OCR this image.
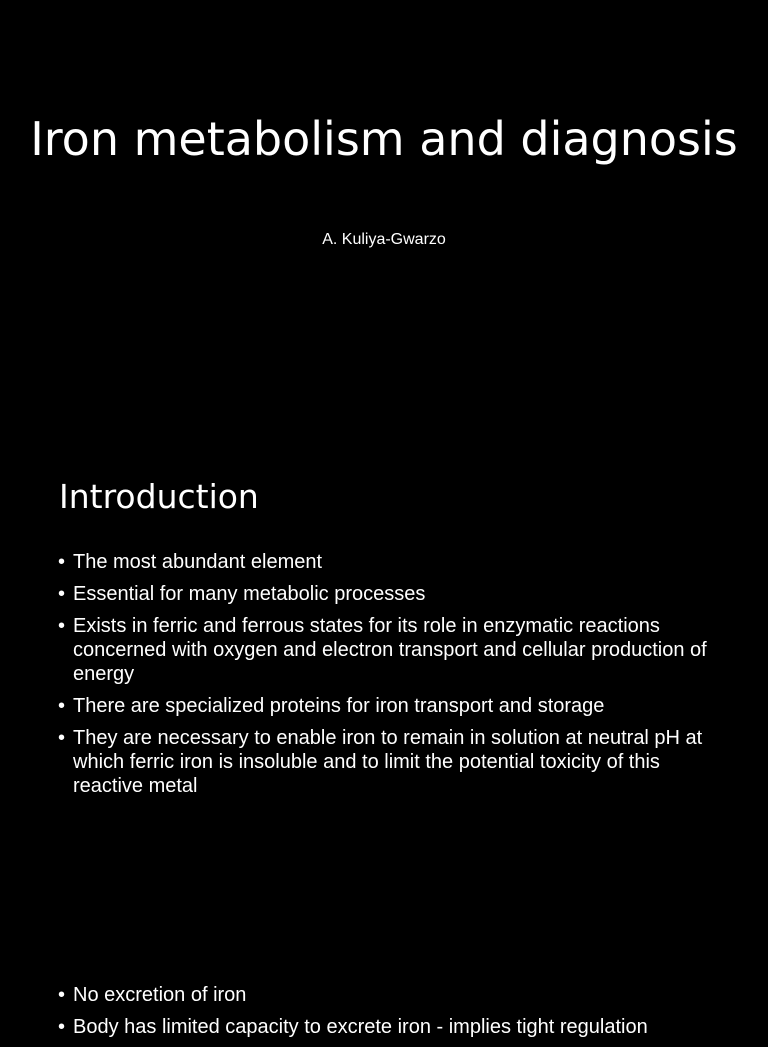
Iron metabolism and diagnosis
A. Kuliya-Gwarzo
Introduction
• The most abundant element
• Essential for many metabolic processes
• Exists in ferric and ferrous states for its role in enzymatic reactions concerned with oxygen and electron transport and cellular production of energy
• There are specialized proteins for iron transport and storage
• They are necessary to enable iron to remain in solution at neutral pH at which ferric iron is insoluble and to limit the potential toxicity of this reactive metal
• No excretion of iron
• Body has limited capacity to excrete iron - implies tight regulation
